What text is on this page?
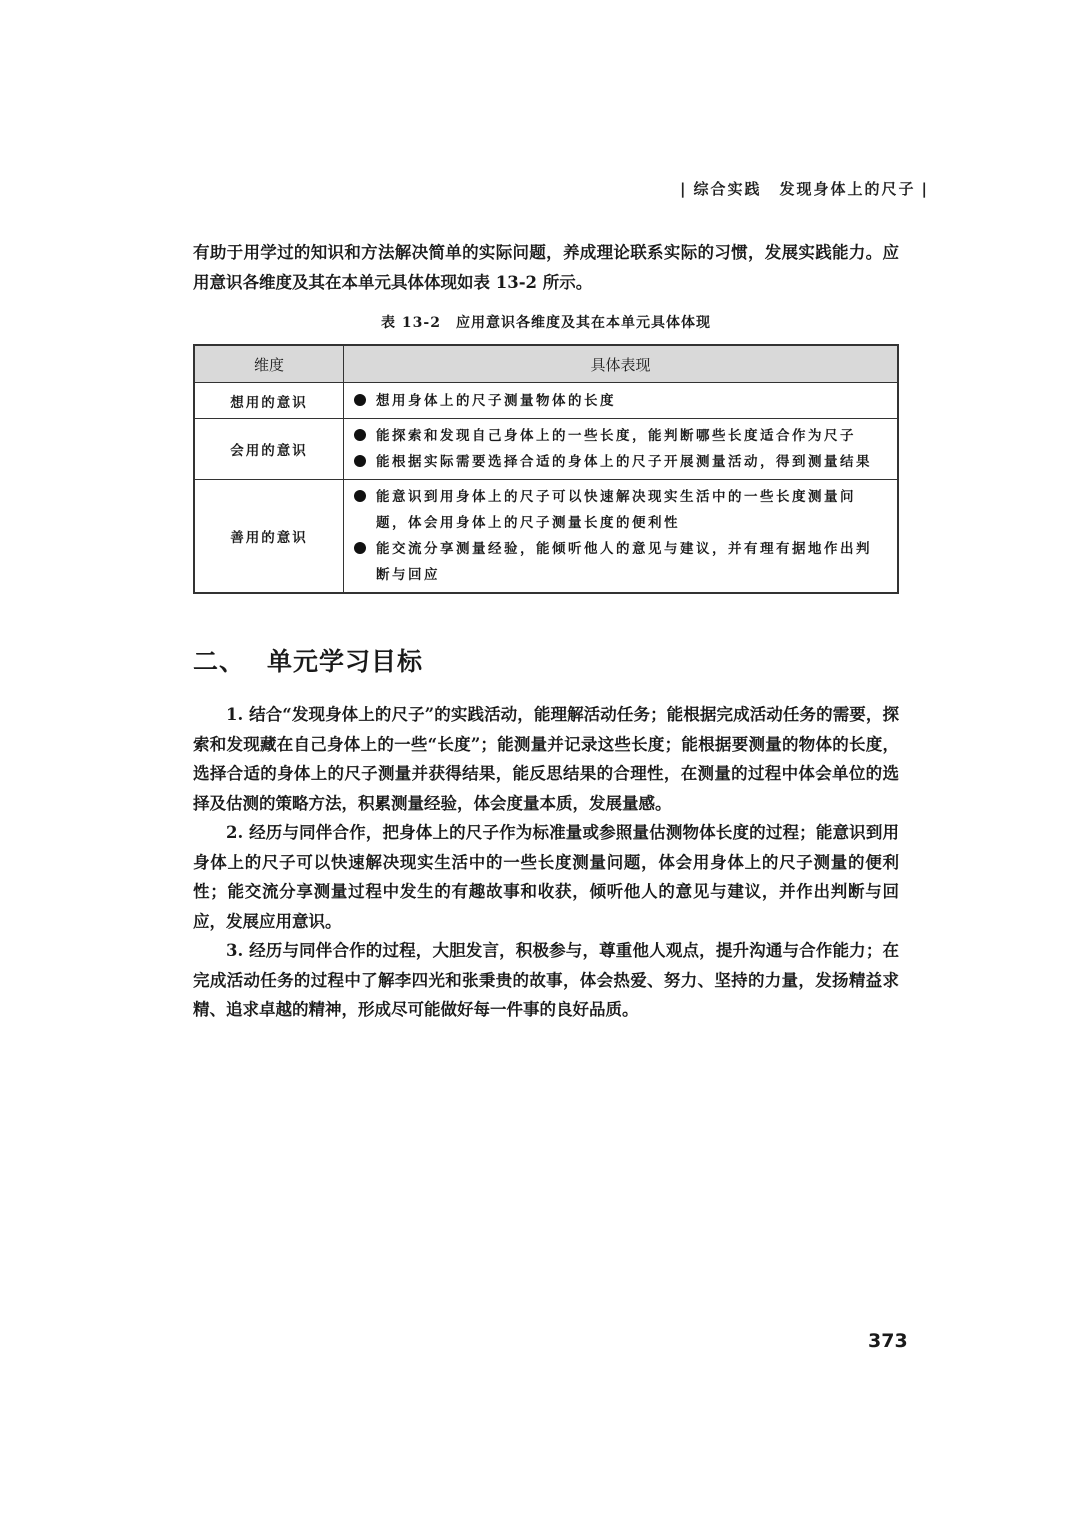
| 综合实践 发现身体上的尺子 |

有助于用学过的知识和方法解决简单的实际问题，养成理论联系实际的习惯，发展实践能力。应用意识各维度及其在本单元具体体现如表 13-2 所示。

表 13-2　应用意识各维度及其在本单元具体体现
维度	具体表现
想用的意识	想用身体上的尺子测量物体的长度

会用的意识	能探索和发现自己身体上的一些长度，能判断哪些长度适合作为尺子
能根据实际需要选择合适的身体上的尺子开展测量活动，得到测量结果

善用的意识	能意识到用身体上的尺子可以快速解决现实生活中的一些长度测量问题，体会用身体上的尺子测量长度的便利性
能交流分享测量经验，能倾听他人的意见与建议，并有理有据地作出判断与回应
二、 单元学习目标

1. 结合“发现身体上的尺子”的实践活动，能理解活动任务；能根据完成活动任务的需要，探索和发现藏在自己身体上的一些“长度”；能测量并记录这些长度；能根据要测量的物体的长度，选择合适的身体上的尺子测量并获得结果，能反思结果的合理性，在测量的过程中体会单位的选择及估测的策略方法，积累测量经验，体会度量本质，发展量感。

2. 经历与同伴合作，把身体上的尺子作为标准量或参照量估测物体长度的过程；能意识到用身体上的尺子可以快速解决现实生活中的一些长度测量问题，体会用身体上的尺子测量的便利性；能交流分享测量过程中发生的有趣故事和收获，倾听他人的意见与建议，并作出判断与回应，发展应用意识。

3. 经历与同伴合作的过程，大胆发言，积极参与，尊重他人观点，提升沟通与合作能力；在完成活动任务的过程中了解李四光和张秉贵的故事，体会热爱、努力、坚持的力量，发扬精益求精、追求卓越的精神，形成尽可能做好每一件事的良好品质。

373
